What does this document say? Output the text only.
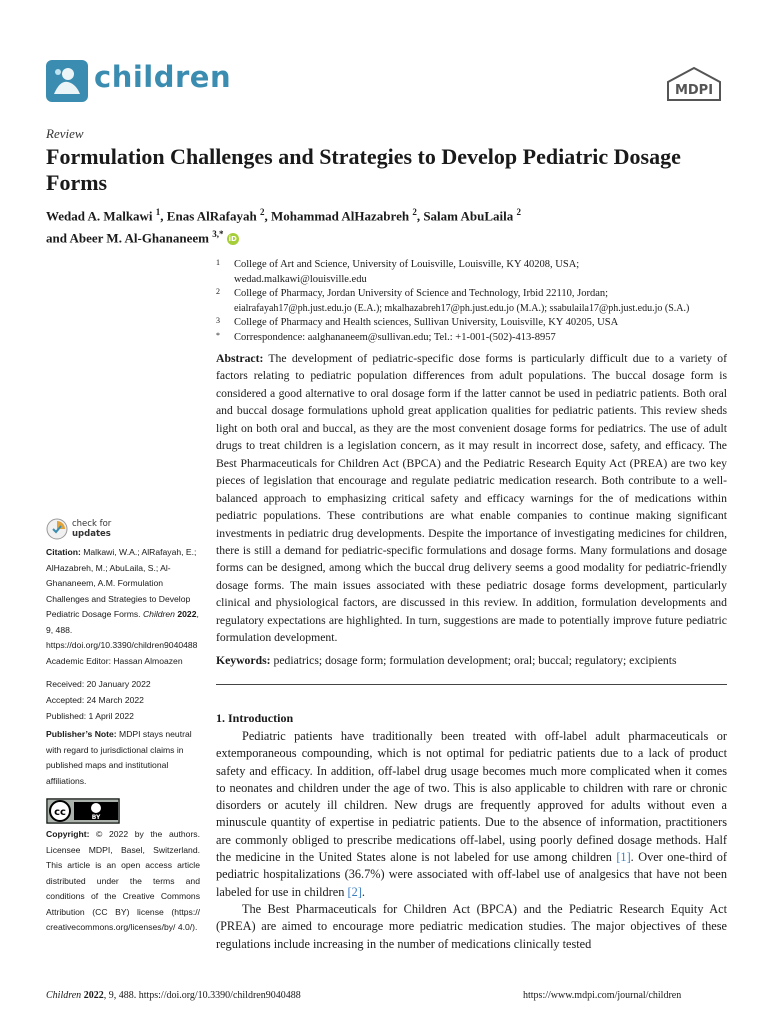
children	MDPI
Review
Formulation Challenges and Strategies to Develop Pediatric Dosage Forms
Wedad A. Malkawi $^1$, Enas AlRafayah $^2$, Mohammad AlHazabreh $^2$, Salam AbuLaila $^2$
and Abeer M. Al-Ghananeem $^{3,*}$ iD
1 College of Art and Science, University of Louisville, Louisville, KY 40208, USA;
wedad.malkawi@louisville.edu
2 College of Pharmacy, Jordan University of Science and Technology, Irbid 22110, Jordan;
eialrafayah17@ph.just.edu.jo (E.A.); mkalhazabreh17@ph.just.edu.jo (M.A.); ssabulaila17@ph.just.edu.jo (S.A.)
3 College of Pharmacy and Health sciences, Sullivan University, Louisville, KY 40205, USA
* Correspondence: aalghananeem@sullivan.edu; Tel.: +1-001-(502)-413-8957
Abstract: The development of pediatric-specific dose forms is particularly difficult due to a variety of factors relating to pediatric population differences from adult populations. The buccal dosage form is considered a good alternative to oral dosage form if the latter cannot be used in pediatric patients. Both oral and buccal dosage formulations uphold great application qualities for pediatric patients. This review sheds light on both oral and buccal, as they are the most convenient dosage forms for pediatrics. The use of adult drugs to treat children is a legislation concern, as it may result in incorrect dose, safety, and efficacy. The Best Pharmaceuticals for Children Act (BPCA) and the Pediatric Research Equity Act (PREA) are two key pieces of legislation that encourage and regulate pediatric medication research. Both contribute to a well-balanced approach to emphasizing critical safety and efficacy warnings for the of medications within pediatric populations. These contributions are what enable companies to continue making significant investments in pediatric drug developments. Despite the importance of investigating medicines for children, there is still a demand for pediatric-specific formulations and dosage forms. Many formulations and dosage forms can be designed, among which the buccal drug delivery seems a good modality for pediatric-friendly dosage forms. The main issues associated with these pediatric dosage forms development, particularly clinical and physiological factors, are discussed in this review. In addition, formulation developments and regulatory expectations are highlighted. In turn, suggestions are made to potentially improve future pediatric formulation development.
Keywords: pediatrics; dosage form; formulation development; oral; buccal; regulatory; excipients
check for
updates
Citation: Malkawi, W.A.; AlRafayah, E.; AlHazabreh, M.; AbuLaila, S.; Al-Ghananeem, A.M. Formulation Challenges and Strategies to Develop Pediatric Dosage Forms. Children 2022, 9, 488. https://doi.org/10.3390/children9040488
Academic Editor: Hassan Almoazen
Received: 20 January 2022
Accepted: 24 March 2022
Published: 1 April 2022
Publisher’s Note: MDPI stays neutral with regard to jurisdictional claims in published maps and institutional affiliations.
cc	BY
Copyright: © 2022 by the authors. Licensee MDPI, Basel, Switzerland. This article is an open access article distributed under the terms and conditions of the Creative Commons Attribution (CC BY) license (https:// creativecommons.org/licenses/by/ 4.0/).
1. Introduction

Pediatric patients have traditionally been treated with off-label adult pharmaceuticals or extemporaneous compounding, which is not optimal for pediatric patients due to a lack of product safety and efficacy. In addition, off-label drug usage becomes much more complicated when it comes to neonates and children under the age of two. This is also applicable to children with rare or chronic disorders or acutely ill children. New drugs are frequently approved for adults without even a minuscule quantity of expertise in pediatric patients. Due to the absence of information, practitioners are commonly obliged to prescribe medications off-label, using poorly defined dosage methods. Half the medicine in the United States alone is not labeled for use among children [1]. Over one-third of pediatric hospitalizations (36.7%) were associated with off-label use of analgesics that have not been labeled for use in children [2].

The Best Pharmaceuticals for Children Act (BPCA) and the Pediatric Research Equity Act (PREA) are aimed to encourage more pediatric medication studies. The major objectives of these regulations include increasing in the number of medications clinically tested

Children 2022, 9, 488. https://doi.org/10.3390/children9040488	https://www.mdpi.com/journal/children
